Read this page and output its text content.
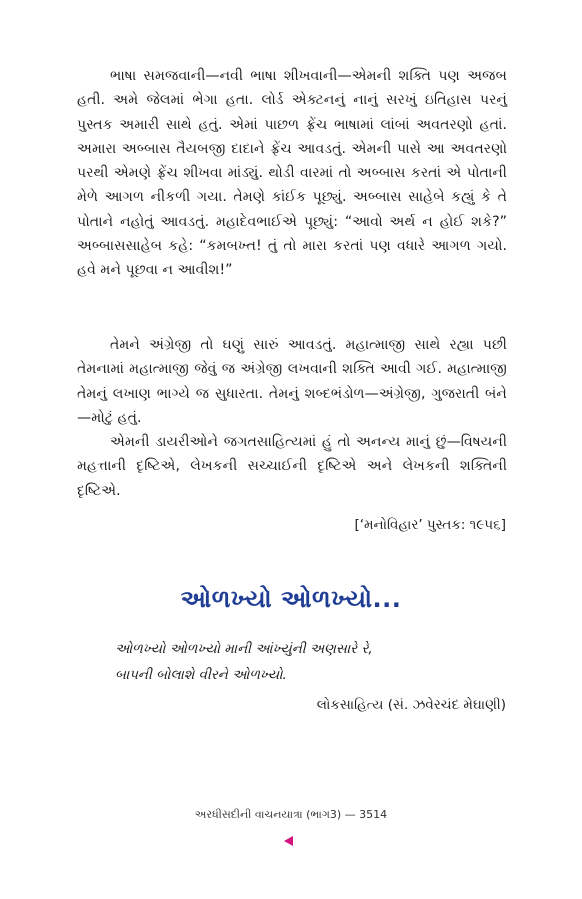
ભાષા સમજવાની—નવી ભાષા શીખવાની—એમની શક્તિ પણ અજબ હતી. અમે જેલમાં ભેગા હતા. લોર્ડ એક્ટનનું નાનું સરખું ઇતિહાસ પરનું પુસ્તક અમારી સાથે હતું. એમાં પાછળ ફ્રેંચ ભાષામાં લાંબાં અવતરણો હતાં. અમારા અબ્બાસ તૈયબજી દાદાને ફ્રેંચ આવડતું. એમની પાસે આ અવતરણો પરથી એમણે ફ્રેંચ શીખવા માંડ્યું. થોડી વારમાં તો અબ્બાસ કરતાં એ પોતાની મેળે આગળ નીકળી ગયા. તેમણે કાંઈક પૂછ્યું. અબ્બાસ સાહેબે કહ્યું કે તે પોતાને નહોતું આવડતું. મહાદેવભાઈએ પૂછ્યું: “આવો અર્થ ન હોઈ શકે?” અબ્બાસસાહેબ કહે: “કમબખ્ત! તું તો મારા કરતાં પણ વધારે આગળ ગયો. હવે મને પૂછવા ન આવીશ!”

તેમને અંગ્રેજી તો ઘણું સારું આવડતું. મહાત્માજી સાથે રહ્યા પછી તેમનામાં મહાત્માજી જેવું જ અંગ્રેજી લખવાની શક્તિ આવી ગઈ. મહાત્માજી તેમનું લખાણ ભાગ્યે જ સુધારતા. તેમનું શબ્દભંડોળ—અંગ્રેજી, ગુજરાતી બંને—મોટું હતું.

એમની ડાયરીઓને જગતસાહિત્યમાં હું તો અનન્ય માનું છું—વિષયની મહત્તાની દૃષ્ટિએ, લેખકની સચ્ચાઈની દૃષ્ટિએ અને લેખકની શક્તિની દૃષ્ટિએ.

[‘મનોવિહાર’ પુસ્તક: ૧૯૫૬]
ઓળખ્યો ઓળખ્યો...
ઓળખ્યો ઓળખ્યો માની આંખ્યુંની અણસારે રે,
બાપની બોલાશે વીરને ઓળખ્યો.
લોકસાહિત્ય (સં. ઝવેરચંદ મેઘાણી)
અરધીસદીની વાચનયાત્રા (ભાગ3) — 3514
